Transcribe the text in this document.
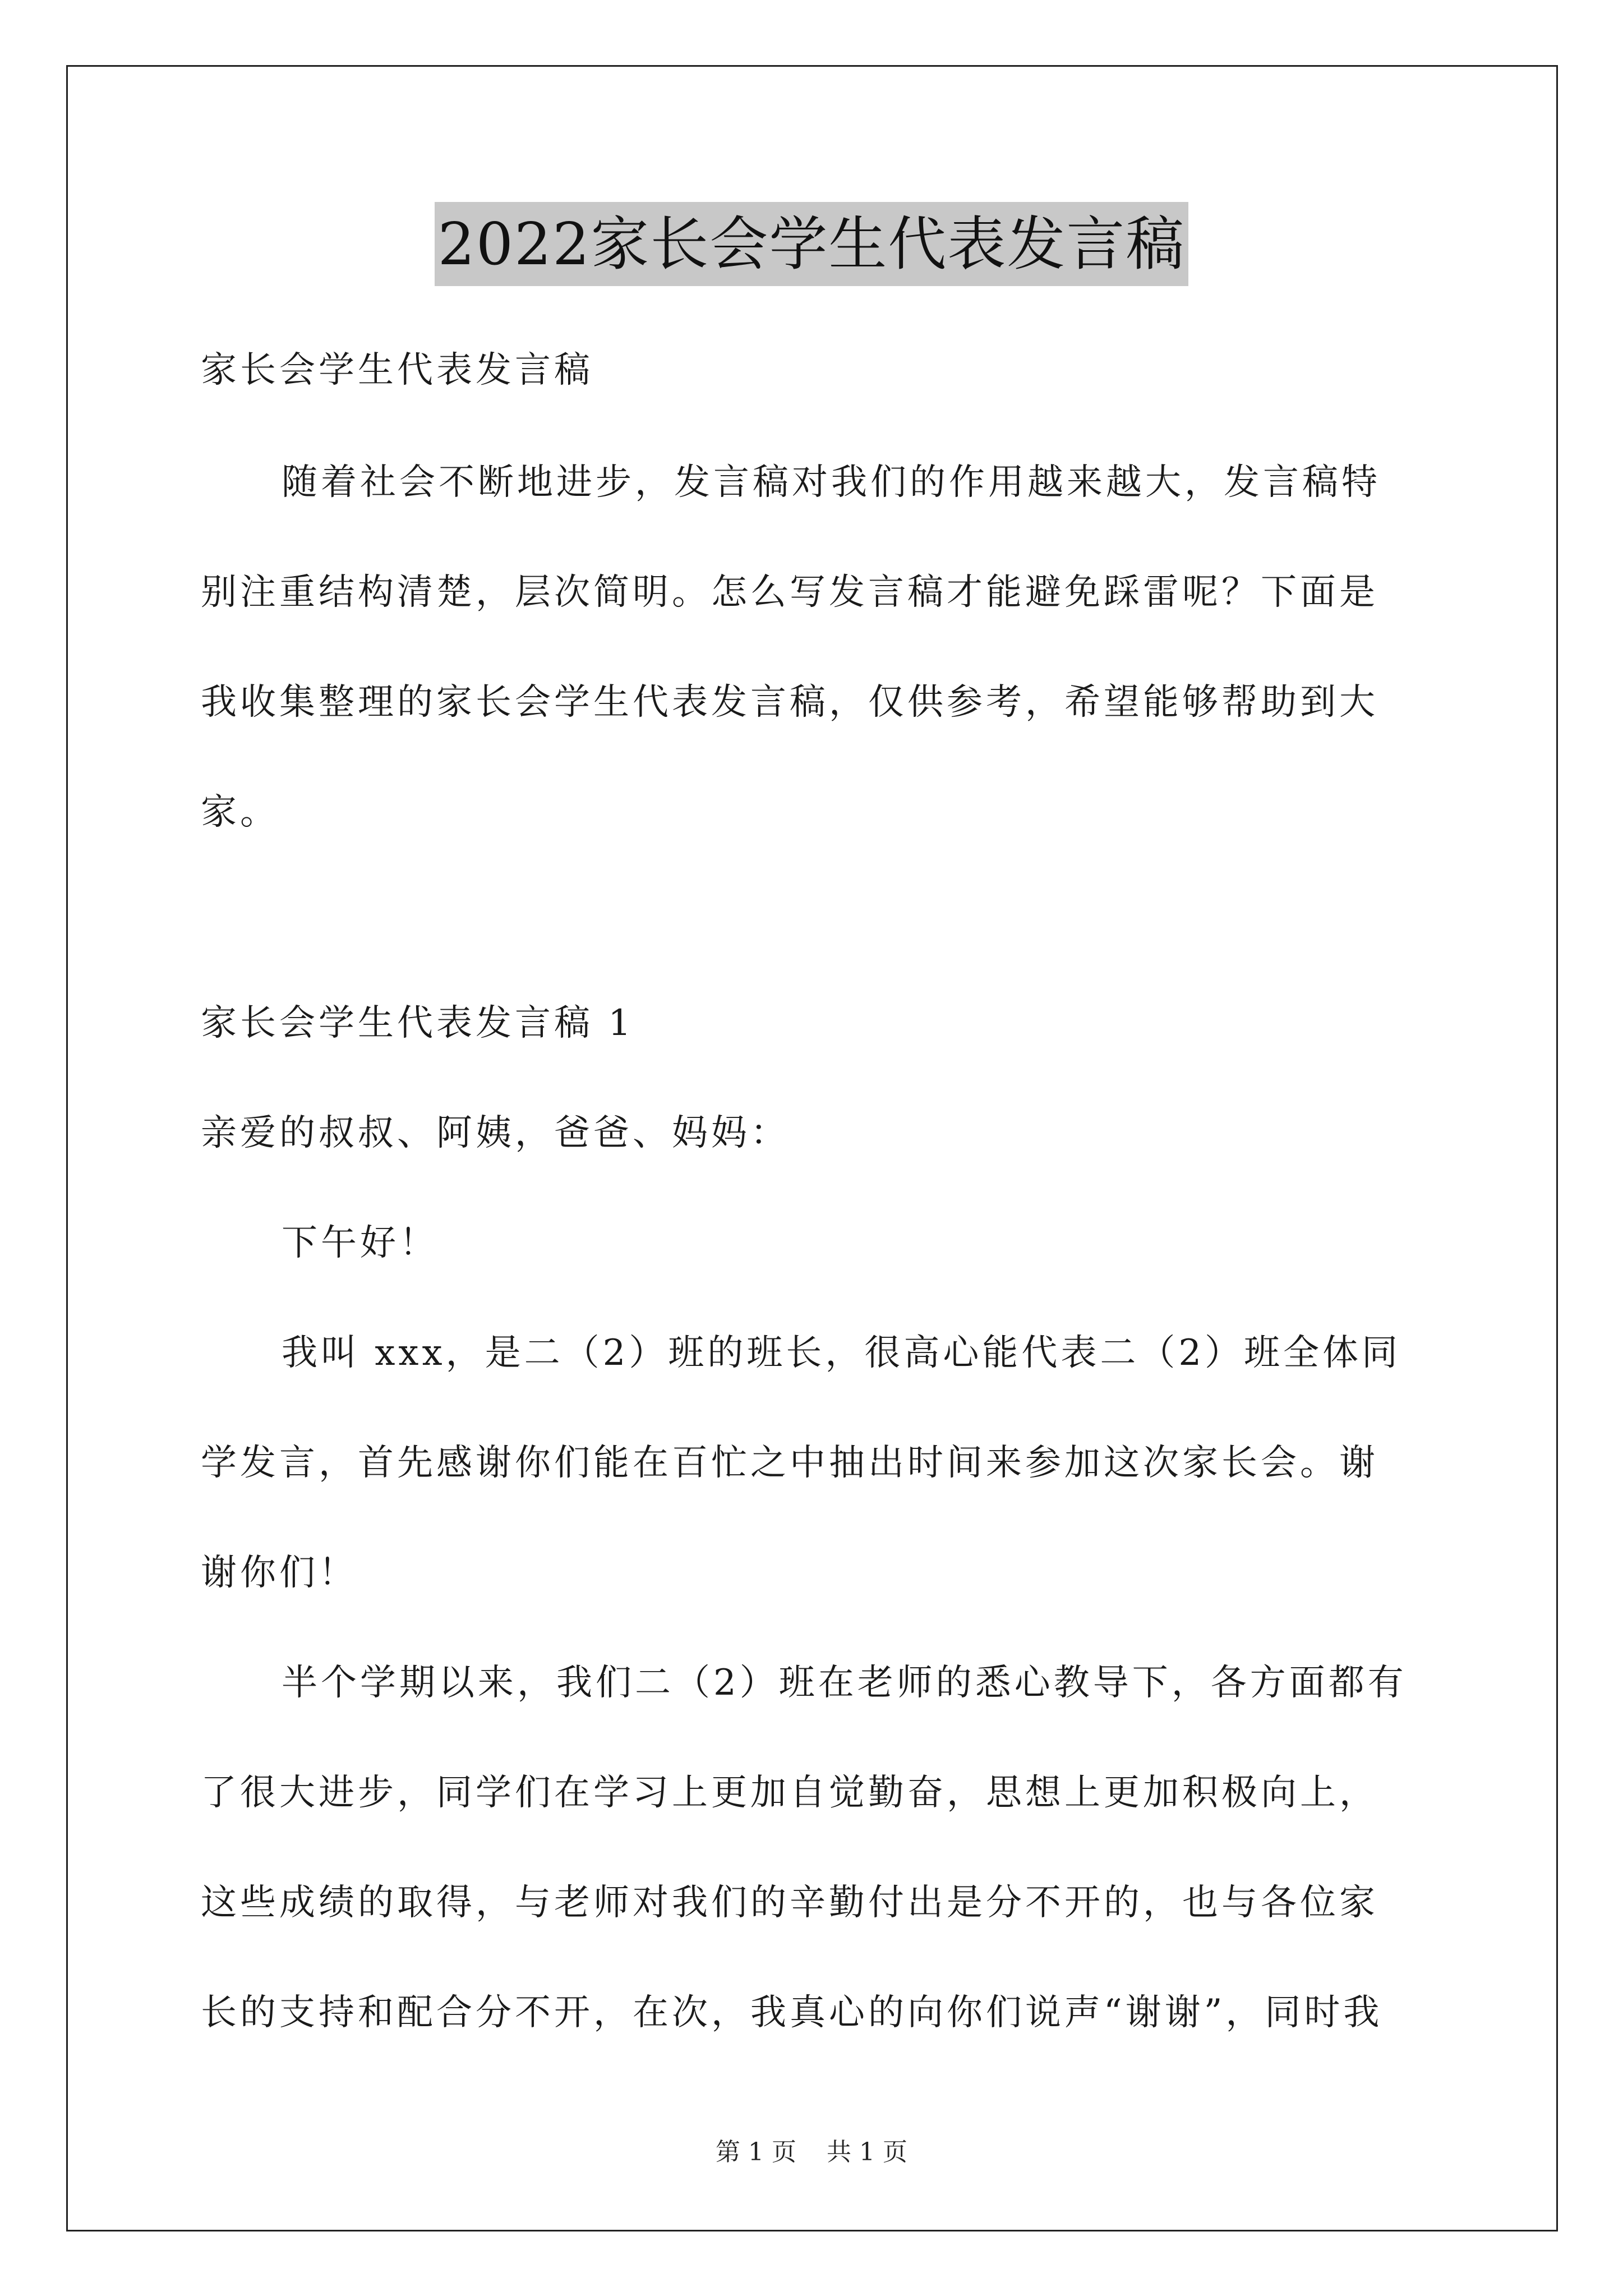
2022家长会学生代表发言稿
家长会学生代表发言稿
随着社会不断地进步，发言稿对我们的作用越来越大，发言稿特
别注重结构清楚，层次简明。怎么写发言稿才能避免踩雷呢？下面是
我收集整理的家长会学生代表发言稿，仅供参考，希望能够帮助到大
家。
家长会学生代表发言稿 1
亲爱的叔叔、阿姨，爸爸、妈妈：
下午好！
我叫 xxx，是二（2）班的班长，很高心能代表二（2）班全体同
学发言，首先感谢你们能在百忙之中抽出时间来参加这次家长会。谢
谢你们！
半个学期以来，我们二（2）班在老师的悉心教导下，各方面都有
了很大进步，同学们在学习上更加自觉勤奋，思想上更加积极向上，
这些成绩的取得，与老师对我们的辛勤付出是分不开的，也与各位家
长的支持和配合分不开，在次，我真心的向你们说声“谢谢”，同时我
第 1 页 共 1 页
